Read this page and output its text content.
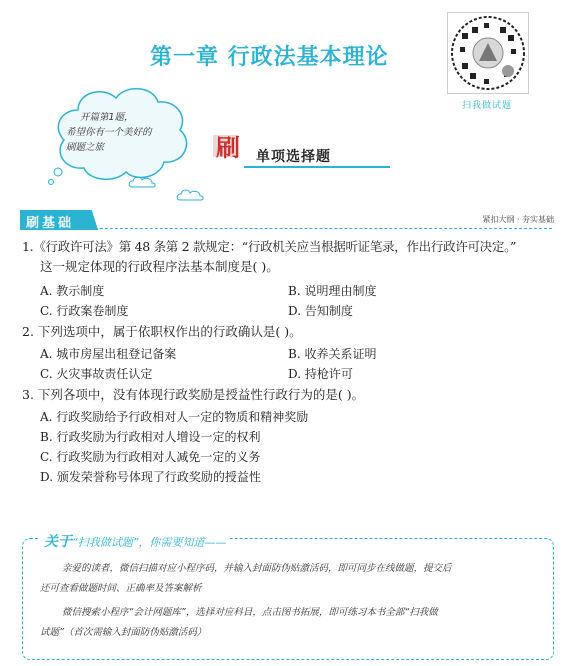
第一章 行政法基本理论
扫我做试题
开篇第1题，
希望你有一个美好的
刷题之旅	刷 单项选择题
刷基础	紧扣大纲 · 夯实基础
1.《行政许可法》第 48 条第 2 款规定：“行政机关应当根据听证笔录，作出行政许可决定。”
这一规定体现的行政程序法基本制度是( )。
A. 教示制度	B. 说明理由制度
C. 行政案卷制度	D. 告知制度
2. 下列选项中，属于依职权作出的行政确认是( )。
A. 城市房屋出租登记备案	B. 收养关系证明
C. 火灾事故责任认定	D. 持枪许可
3. 下列各项中，没有体现行政奖励是授益性行政行为的是( )。
A. 行政奖励给予行政相对人一定的物质和精神奖励
B. 行政奖励为行政相对人增设一定的权利
C. 行政奖励为行政相对人减免一定的义务
D. 颁发荣誉称号体现了行政奖励的授益性
关于“扫我做试题”，你需要知道——
亲爱的读者，微信扫描对应小程序码，并输入封面防伪贴激活码，即可同步在线做题，提交后
还可查看做题时间、正确率及答案解析
微信搜索小程序“会计网题库”，选择对应科目，点击图书拓展，即可练习本书全部“扫我做
试题”（首次需输入封面防伪贴激活码）
